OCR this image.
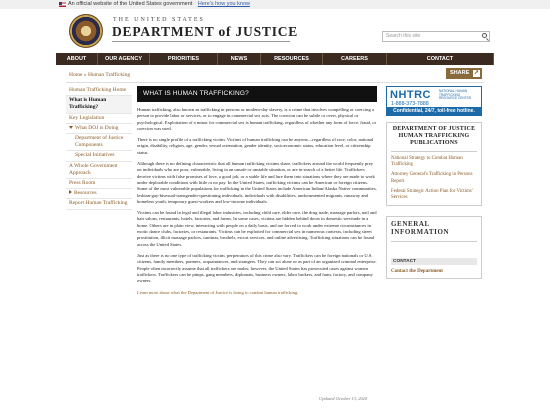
An official website of the United States government Here's how you know
THE UNITED STATES
DEPARTMENT of JUSTICE	Search this site
ABOUT	OUR AGENCY	PRIORITIES	NEWS	RESOURCES	CAREERS	CONTACT
Home » Human Trafficking	SHARE ➚
Human Trafficking Home
What is Human Trafficking?
Key Legislation
What DOJ is Doing
Department of Justice Components
Special Initiatives
A Whole Government Approach
Press Room
Resources
Report Human Trafficking
WHAT IS HUMAN TRAFFICKING?
Human trafficking, also known as trafficking in persons or modern-day slavery, is a crime that involves compelling or coercing a person to provide labor or services, or to engage in commercial sex acts. The coercion can be subtle or overt, physical or psychological. Exploitation of a minor for commercial sex is human trafficking, regardless of whether any form of force, fraud, or coercion was used.
There is no single profile of a trafficking victim. Victims of human trafficking can be anyone—regardless of race, color, national origin, disability, religion, age, gender, sexual orientation, gender identity, socioeconomic status, education level, or citizenship status.
Although there is no defining characteristic that all human trafficking victims share, traffickers around the world frequently prey on individuals who are poor, vulnerable, living in an unsafe or unstable situation, or are in search of a better life. Traffickers deceive victims with false promises of love, a good job, or a stable life and lure them into situations where they are made to work under deplorable conditions with little or no pay. In the United States, trafficking victims can be American or foreign citizens. Some of the most vulnerable populations for trafficking in the United States include American Indian/Alaska Native communities, lesbian-gay-bisexual-transgender-questioning individuals, individuals with disabilities, undocumented migrants, runaway and homeless youth, temporary guest-workers and low-income individuals.
Victims can be found in legal and illegal labor industries, including child care, elder care, the drug trade, massage parlors, nail and hair salons, restaurants, hotels, factories, and farms. In some cases, victims are hidden behind doors in domestic servitude in a home. Others are in plain view, interacting with people on a daily basis, and are forced to work under extreme circumstances in exotic dance clubs, factories, or restaurants. Victims can be exploited for commercial sex in numerous contexts, including street prostitution, illicit massage parlors, cantinas, brothels, escort services, and online advertising. Trafficking situations can be found across the United States.
Just as there is no one type of trafficking victim, perpetrators of this crime also vary. Traffickers can be foreign nationals or U.S. citizens, family members, partners, acquaintances, and strangers. They can act alone or as part of an organized criminal enterprise. People often incorrectly assume that all traffickers are males; however, the United States has prosecuted cases against women traffickers. Traffickers can be pimps, gang members, diplomats, business owners, labor brokers, and farm, factory, and company owners.
Learn more about what the Department of Justice is doing to combat human trafficking.
Updated October 13, 2020
NHTRC	NATIONAL HUMAN TRAFFICKING RESOURCE CENTER
1-888-373-7888
Confidential, 24/7, toll-free hotline.
DEPARTMENT OF JUSTICE HUMAN TRAFFICKING PUBLICATIONS
National Strategy to Combat Human Trafficking
Attorney General's Trafficking in Persons Report
Federal Strategic Action Plan for Victims' Services
GENERAL INFORMATION
CONTACT
Contact the Department
